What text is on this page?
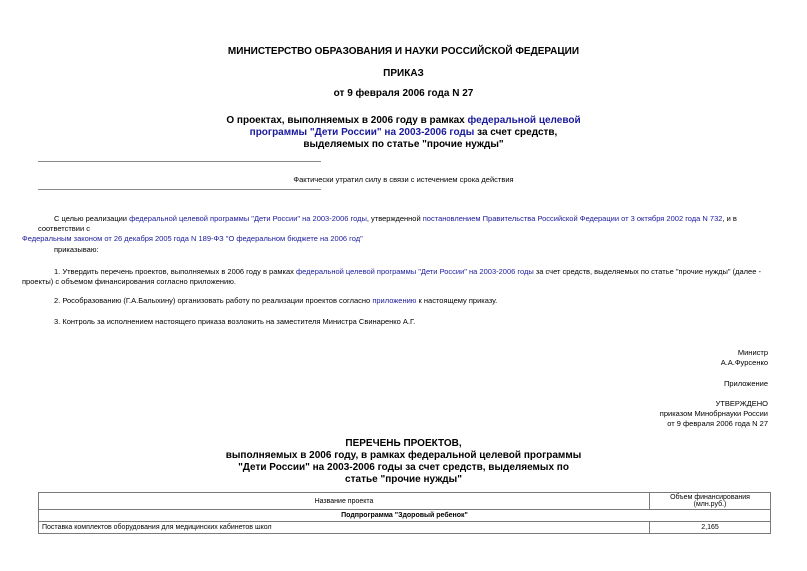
МИНИСТЕРСТВО ОБРАЗОВАНИЯ И НАУКИ РОССИЙСКОЙ ФЕДЕРАЦИИ
ПРИКАЗ
от 9 февраля 2006 года N 27
О проектах, выполняемых в 2006 году в рамках федеральной целевой
программы "Дети России" на 2003-2006 годы за счет средств,
выделяемых по статье "прочие нужды"
Фактически утратил силу в связи с истечением срока действия
С целью реализации федеральной целевой программы "Дети России" на 2003-2006 годы, утвержденной постановлением Правительства Российской Федерации от 3 октября 2002 года N 732, и в соответствии с
Федеральным законом от 26 декабря 2005 года N 189-ФЗ "О федеральном бюджете на 2006 год"
приказываю:
1. Утвердить перечень проектов, выполняемых в 2006 году в рамках федеральной целевой программы "Дети России" на 2003-2006 годы за счет средств, выделяемых по статье "прочие нужды" (далее -
проекты) с объемом финансирования согласно приложению.
2. Рособразованию (Г.А.Балыхину) организовать работу по реализации проектов согласно приложению к настоящему приказу.
3. Контроль за исполнением настоящего приказа возложить на заместителя Министра Свинаренко А.Г.
Министр
А.А.Фурсенко
Приложение
УТВЕРЖДЕНО
приказом Минобрнауки России
от 9 февраля 2006 года N 27
ПЕРЕЧЕНЬ ПРОЕКТОВ,
выполняемых в 2006 году, в рамках федеральной целевой программы
"Дети России" на 2003-2006 годы за счет средств, выделяемых по
статье "прочие нужды"
Название проекта	Объем финансирования (млн.руб.)
Подпрограмма "Здоровый ребенок"	
Поставка комплектов оборудования для медицинских кабинетов школ	2,165
